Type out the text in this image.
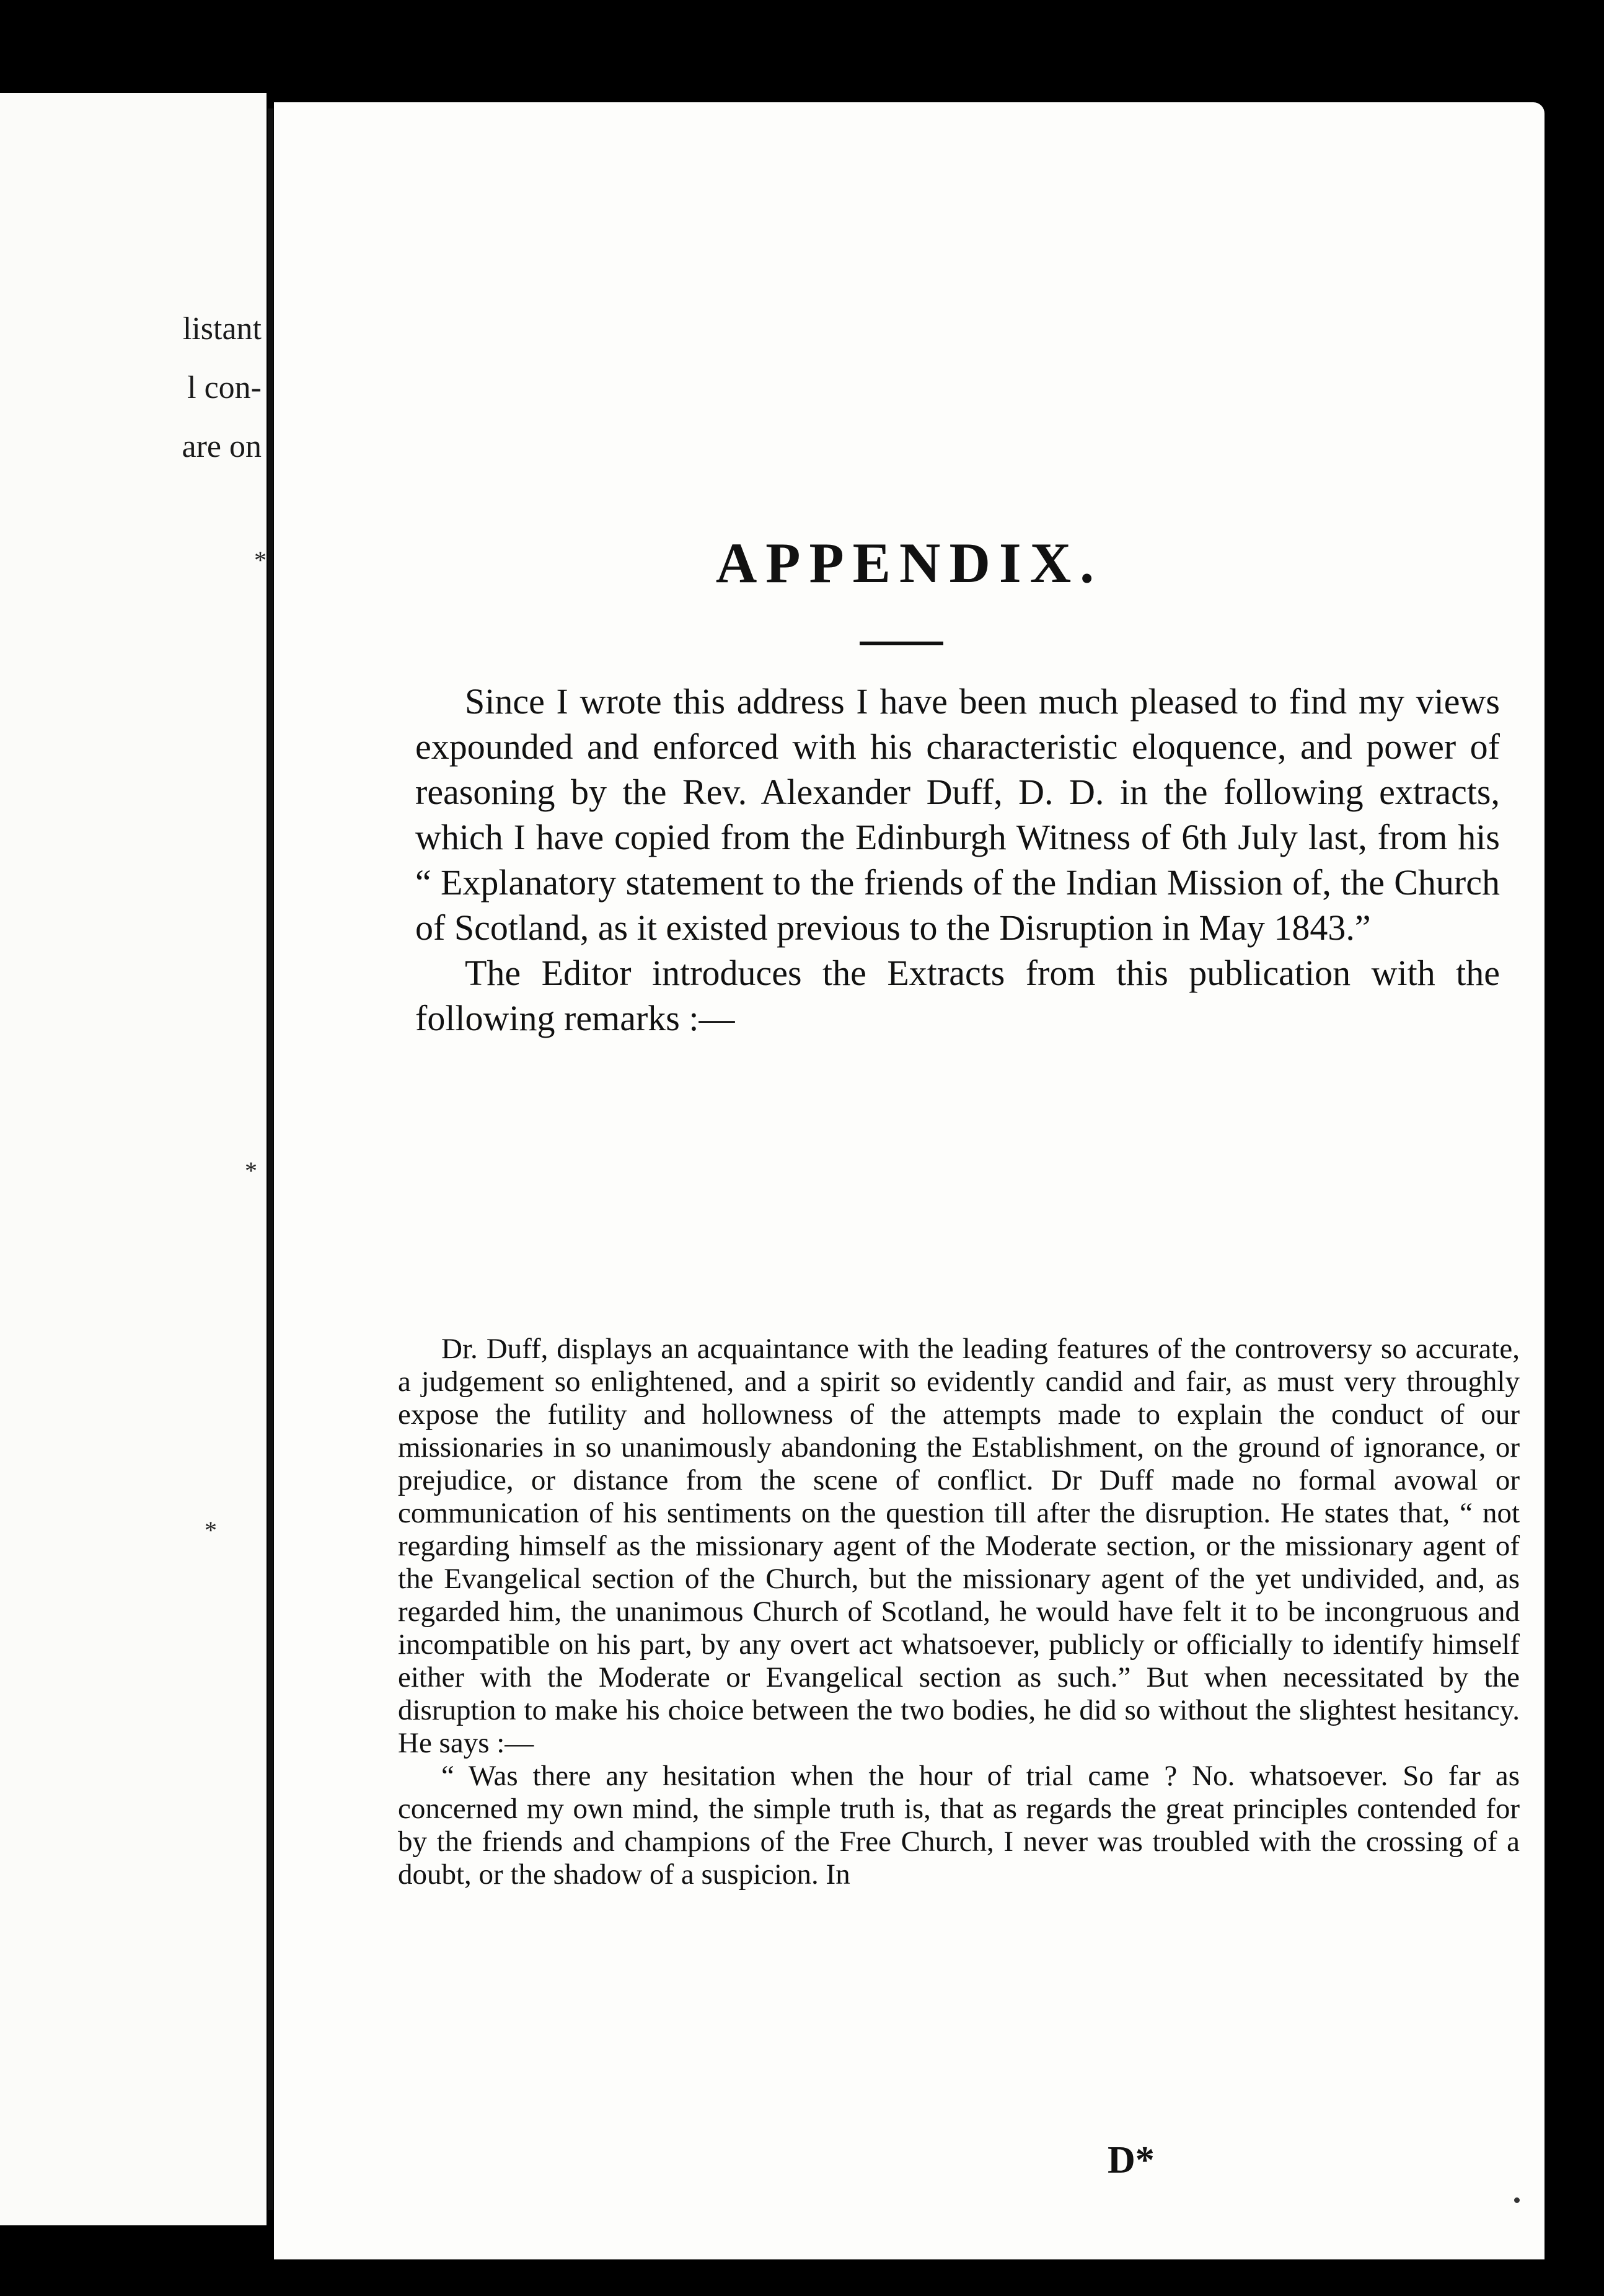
listant
l con-
are on
*
*
*
APPENDIX.

Since I wrote this address I have been much pleased to find my views expounded and enforced with his characteristic eloquence, and power of reasoning by the Rev. Alexander Duff, D. D. in the following extracts, which I have copied from the Edinburgh Witness of 6th July last, from his “ Explanatory statement to the friends of the Indian Mission of, the Church of Scotland, as it existed previous to the Disruption in May 1843.”

The Editor introduces the Extracts from this publication with the following remarks :—

Dr. Duff, displays an acquaintance with the leading features of the controversy so accurate, a judgement so enlightened, and a spirit so evidently candid and fair, as must very throughly expose the futility and hollowness of the attempts made to explain the conduct of our missionaries in so unanimously abandoning the Establishment, on the ground of ignorance, or prejudice, or distance from the scene of conflict. Dr Duff made no formal avowal or communication of his sentiments on the question till after the disruption. He states that, “ not regarding himself as the missionary agent of the Moderate section, or the missionary agent of the Evangelical section of the Church, but the missionary agent of the yet undivided, and, as regarded him, the unanimous Church of Scotland, he would have felt it to be incongruous and incompatible on his part, by any overt act whatsoever, publicly or officially to identify himself either with the Moderate or Evangelical section as such.” But when necessitated by the disruption to make his choice between the two bodies, he did so without the slightest hesitancy. He says :—

“ Was there any hesitation when the hour of trial came ? No. whatsoever. So far as concerned my own mind, the simple truth is, that as regards the great principles contended for by the friends and champions of the Free Church, I never was troubled with the crossing of a doubt, or the shadow of a suspicion. In

D*
